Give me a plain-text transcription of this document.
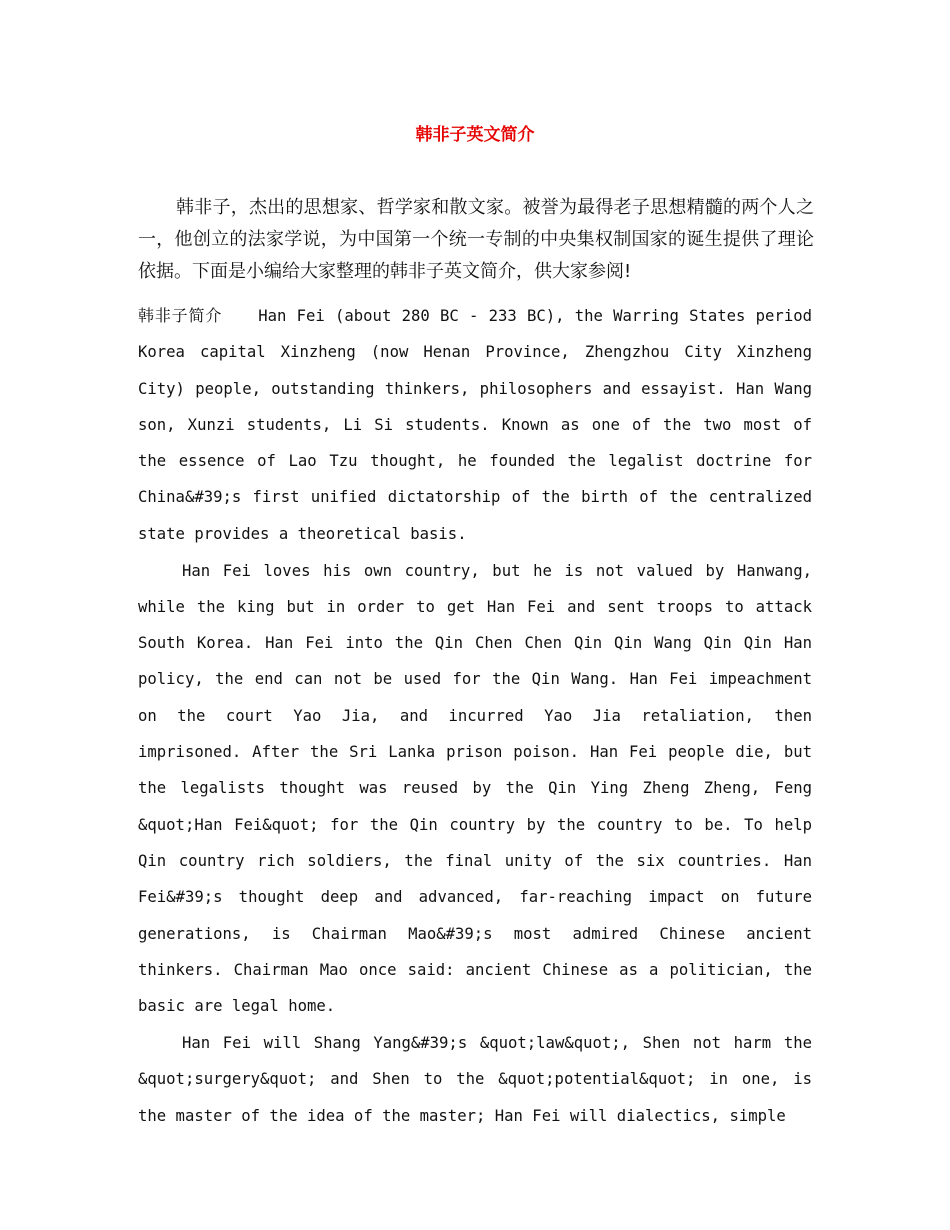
韩非子英文简介

韩非子，杰出的思想家、哲学家和散文家。被誉为最得老子思想精髓的两个人之一，他创立的法家学说，为中国第一个统一专制的中央集权制国家的诞生提供了理论依据。下面是小编给大家整理的韩非子英文简介，供大家参阅!

韩非子简介 Han Fei (about 280 BC - 233 BC), the Warring States period Korea capital Xinzheng (now Henan Province, Zhengzhou City Xinzheng City) people, outstanding thinkers, philosophers and essayist. Han Wang son, Xunzi students, Li Si students. Known as one of the two most of the essence of Lao Tzu thought, he founded the legalist doctrine for China&#39;s first unified dictatorship of the birth of the centralized state provides a theoretical basis.

Han Fei loves his own country, but he is not valued by Hanwang, while the king but in order to get Han Fei and sent troops to attack South Korea. Han Fei into the Qin Chen Chen Qin Qin Wang Qin Qin Han policy, the end can not be used for the Qin Wang. Han Fei impeachment on the court Yao Jia, and incurred Yao Jia retaliation, then imprisoned. After the Sri Lanka prison poison. Han Fei people die, but the legalists thought was reused by the Qin Ying Zheng Zheng, Feng &quot;Han Fei&quot; for the Qin country by the country to be. To help Qin country rich soldiers, the final unity of the six countries. Han Fei&#39;s thought deep and advanced, far-reaching impact on future generations, is Chairman Mao&#39;s most admired Chinese ancient thinkers. Chairman Mao once said: ancient Chinese as a politician, the basic are legal home.

Han Fei will Shang Yang&#39;s &quot;law&quot;, Shen not harm the &quot;surgery&quot; and Shen to the &quot;potential&quot; in one, is the master of the idea of the master; Han Fei will dialectics, simple
